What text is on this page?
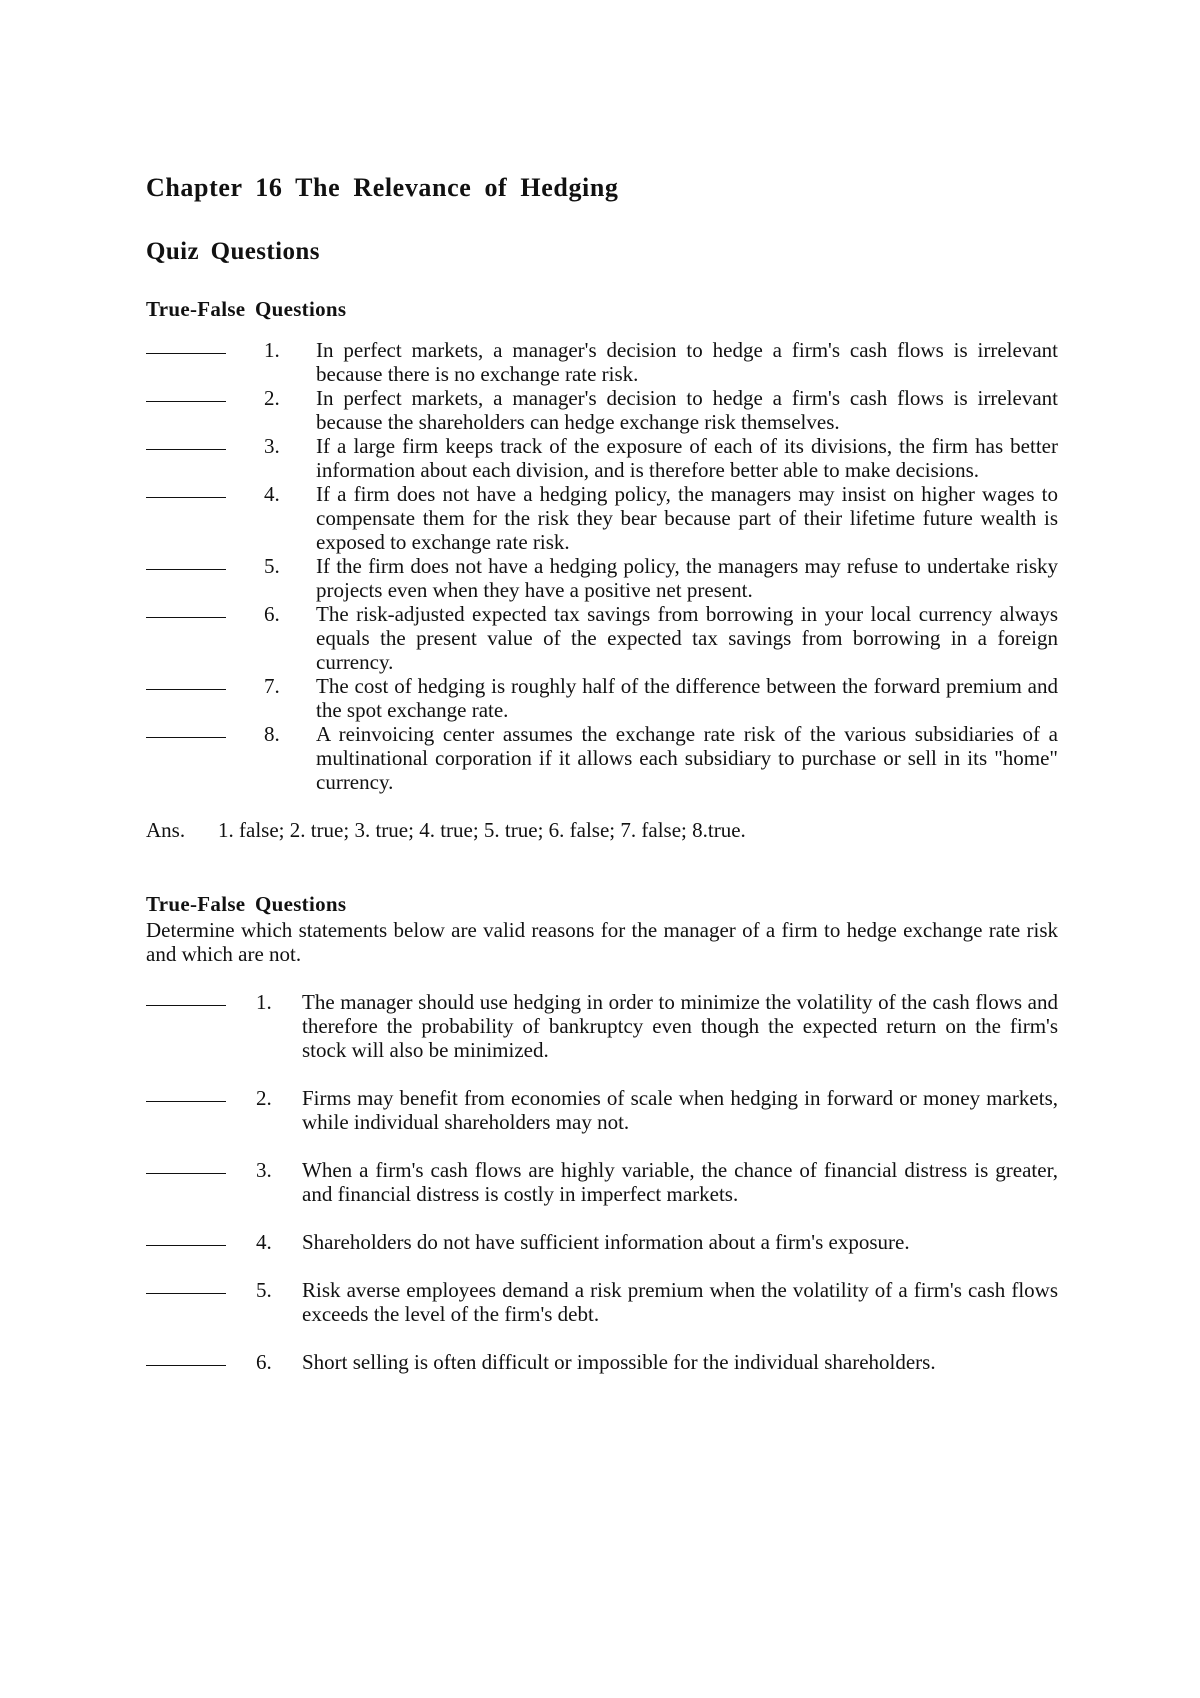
Chapter 16 The Relevance of Hedging
Quiz Questions
True-False Questions
1.	In perfect markets, a manager's decision to hedge a firm's cash flows is irrelevant because there is no exchange rate risk.
2.	In perfect markets, a manager's decision to hedge a firm's cash flows is irrelevant because the shareholders can hedge exchange risk themselves.
3.	If a large firm keeps track of the exposure of each of its divisions, the firm has better information about each division, and is therefore better able to make decisions.
4.	If a firm does not have a hedging policy, the managers may insist on higher wages to compensate them for the risk they bear because part of their lifetime future wealth is exposed to exchange rate risk.
5.	If the firm does not have a hedging policy, the managers may refuse to undertake risky projects even when they have a positive net present.
6.	The risk-adjusted expected tax savings from borrowing in your local currency always equals the present value of the expected tax savings from borrowing in a foreign currency.
7.	The cost of hedging is roughly half of the difference between the forward premium and the spot exchange rate.
8.	A reinvoicing center assumes the exchange rate risk of the various subsidiaries of a multinational corporation if it allows each subsidiary to purchase or sell in its "home" currency.
Ans.	1. false; 2. true; 3. true; 4. true; 5. true; 6. false; 7. false; 8.true.
True-False Questions

Determine which statements below are valid reasons for the manager of a firm to hedge exchange rate risk and which are not.

1.	The manager should use hedging in order to minimize the volatility of the cash flows and therefore the probability of bankruptcy even though the expected return on the firm's stock will also be minimized.
2.	Firms may benefit from economies of scale when hedging in forward or money markets, while individual shareholders may not.
3.	When a firm's cash flows are highly variable, the chance of financial distress is greater, and financial distress is costly in imperfect markets.
4.	Shareholders do not have sufficient information about a firm's exposure.
5.	Risk averse employees demand a risk premium when the volatility of a firm's cash flows exceeds the level of the firm's debt.
6.	Short selling is often difficult or impossible for the individual shareholders.
